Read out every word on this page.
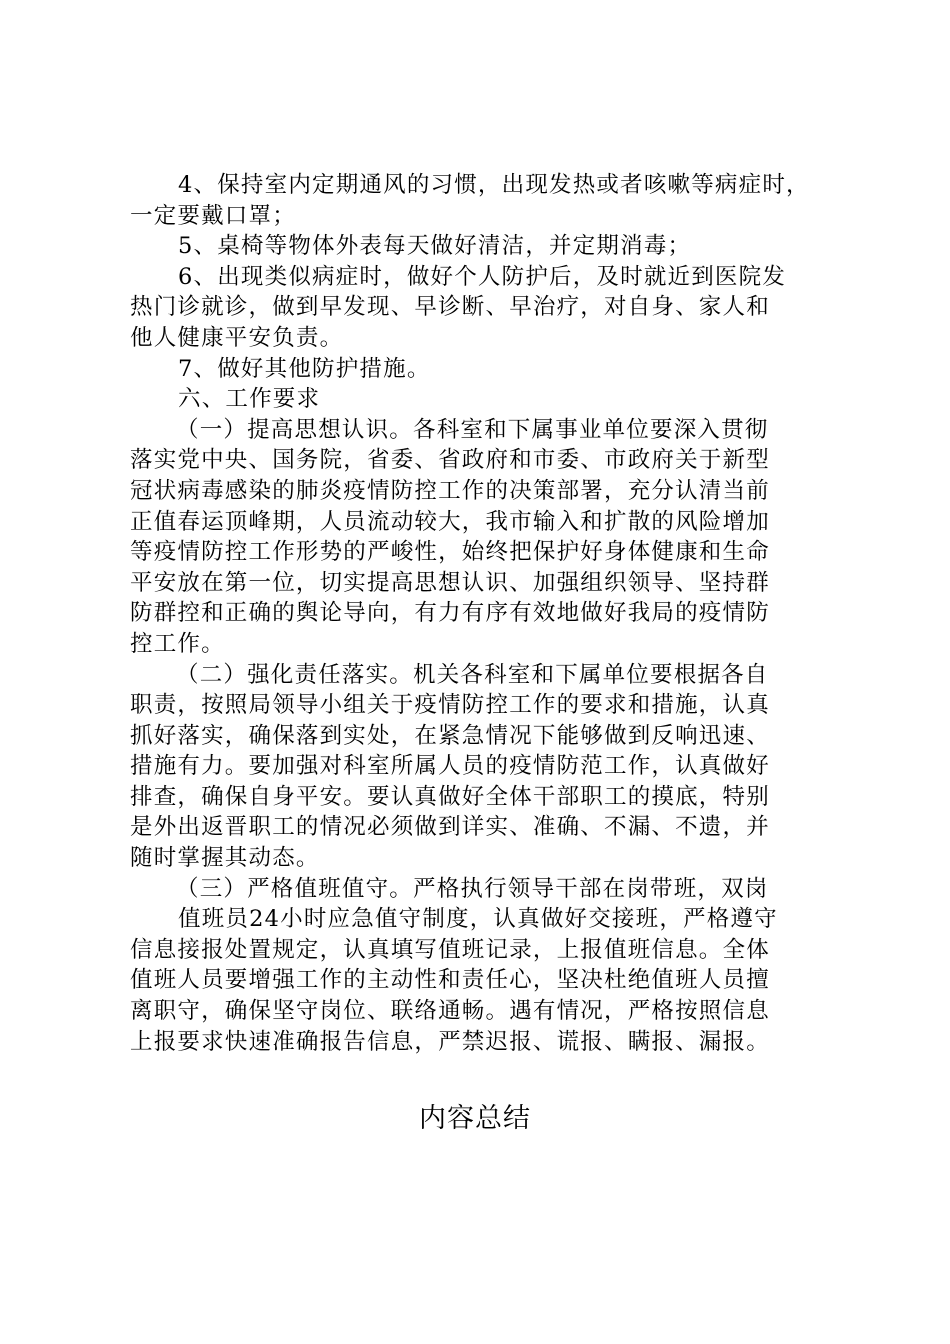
4、保持室内定期通风的习惯，出现发热或者咳嗽等病症时，
一定要戴口罩；
5、桌椅等物体外表每天做好清洁，并定期消毒；
6、出现类似病症时，做好个人防护后，及时就近到医院发
热门诊就诊，做到早发现、早诊断、早治疗，对自身、家人和
他人健康平安负责。
7、做好其他防护措施。
六、工作要求
（一）提高思想认识。各科室和下属事业单位要深入贯彻
落实党中央、国务院，省委、省政府和市委、市政府关于新型
冠状病毒感染的肺炎疫情防控工作的决策部署，充分认清当前
正值春运顶峰期，人员流动较大，我市输入和扩散的风险增加
等疫情防控工作形势的严峻性，始终把保护好身体健康和生命
平安放在第一位，切实提高思想认识、加强组织领导、坚持群
防群控和正确的舆论导向，有力有序有效地做好我局的疫情防
控工作。
（二）强化责任落实。机关各科室和下属单位要根据各自
职责，按照局领导小组关于疫情防控工作的要求和措施，认真
抓好落实，确保落到实处，在紧急情况下能够做到反响迅速、
措施有力。要加强对科室所属人员的疫情防范工作，认真做好
排查，确保自身平安。要认真做好全体干部职工的摸底，特别
是外出返晋职工的情况必须做到详实、准确、不漏、不遗，并
随时掌握其动态。
（三）严格值班值守。严格执行领导干部在岗带班，双岗
值班员24小时应急值守制度，认真做好交接班，严格遵守
信息接报处置规定，认真填写值班记录，上报值班信息。全体
值班人员要增强工作的主动性和责任心，坚决杜绝值班人员擅
离职守，确保坚守岗位、联络通畅。遇有情况，严格按照信息
上报要求快速准确报告信息，严禁迟报、谎报、瞒报、漏报。
内容总结
